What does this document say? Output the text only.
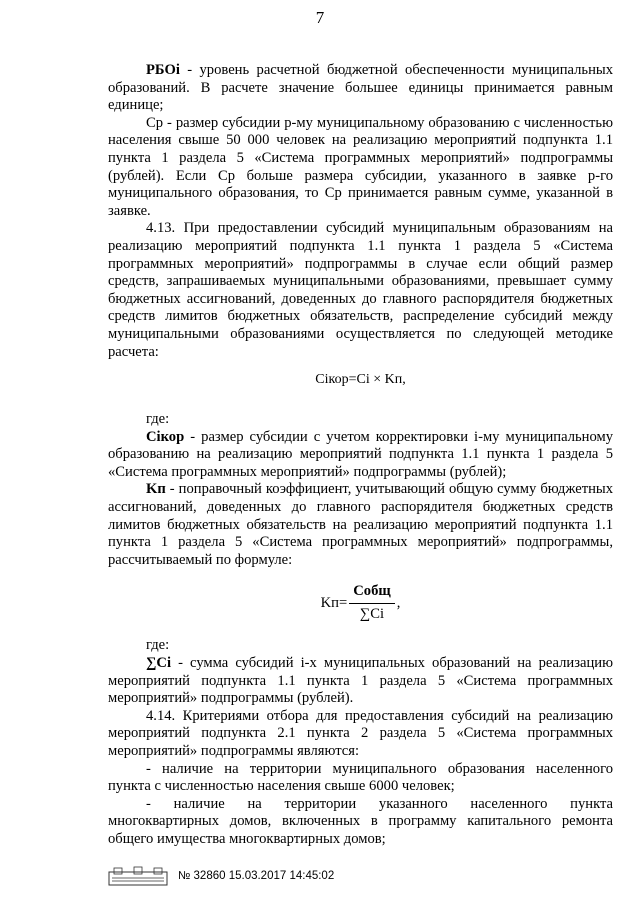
7

РБОi - уровень расчетной бюджетной обеспеченности муниципальных образований. В расчете значение большее единицы принимается равным единице;

Cp - размер субсидии p-му муниципальному образованию с численностью населения свыше 50 000 человек на реализацию мероприятий подпункта 1.1 пункта 1 раздела 5 «Система программных мероприятий» подпрограммы (рублей). Если Cp больше размера субсидии, указанного в заявке p-го муниципального образования, то Cp принимается равным сумме, указанной в заявке.

4.13. При предоставлении субсидий муниципальным образованиям на реализацию мероприятий подпункта 1.1 пункта 1 раздела 5 «Система программных мероприятий» подпрограммы в случае если общий размер средств, запрашиваемых муниципальными образованиями, превышает сумму бюджетных ассигнований, доведенных до главного распорядителя бюджетных средств лимитов бюджетных обязательств, распределение субсидий между муниципальными образованиями осуществляется по следующей методике расчета:

Ciкор=Ci × Kп,

где:

Ciкор - размер субсидии с учетом корректировки i-му муниципальному образованию на реализацию мероприятий подпункта 1.1 пункта 1 раздела 5 «Система программных мероприятий» подпрограммы (рублей);

Kп - поправочный коэффициент, учитывающий общую сумму бюджетных ассигнований, доведенных до главного распорядителя бюджетных средств лимитов бюджетных обязательств на реализацию мероприятий подпункта 1.1 пункта 1 раздела 5 «Система программных мероприятий» подпрограммы, рассчитываемый по формуле:

$Kп= \frac{\text{Cобщ}}{\sum Ci}$ ,

где:

∑Ci - сумма субсидий i-х муниципальных образований на реализацию мероприятий подпункта 1.1 пункта 1 раздела 5 «Система программных мероприятий» подпрограммы (рублей).

4.14. Критериями отбора для предоставления субсидий на реализацию мероприятий подпункта 2.1 пункта 2 раздела 5 «Система программных мероприятий» подпрограммы являются:

- наличие на территории муниципального образования населенного пункта с численностью населения свыше 6000 человек;

- наличие на территории указанного населенного пункта многоквартирных домов, включенных в программу капитального ремонта общего имущества многоквартирных домов;

№ 32860 15.03.2017 14:45:02
